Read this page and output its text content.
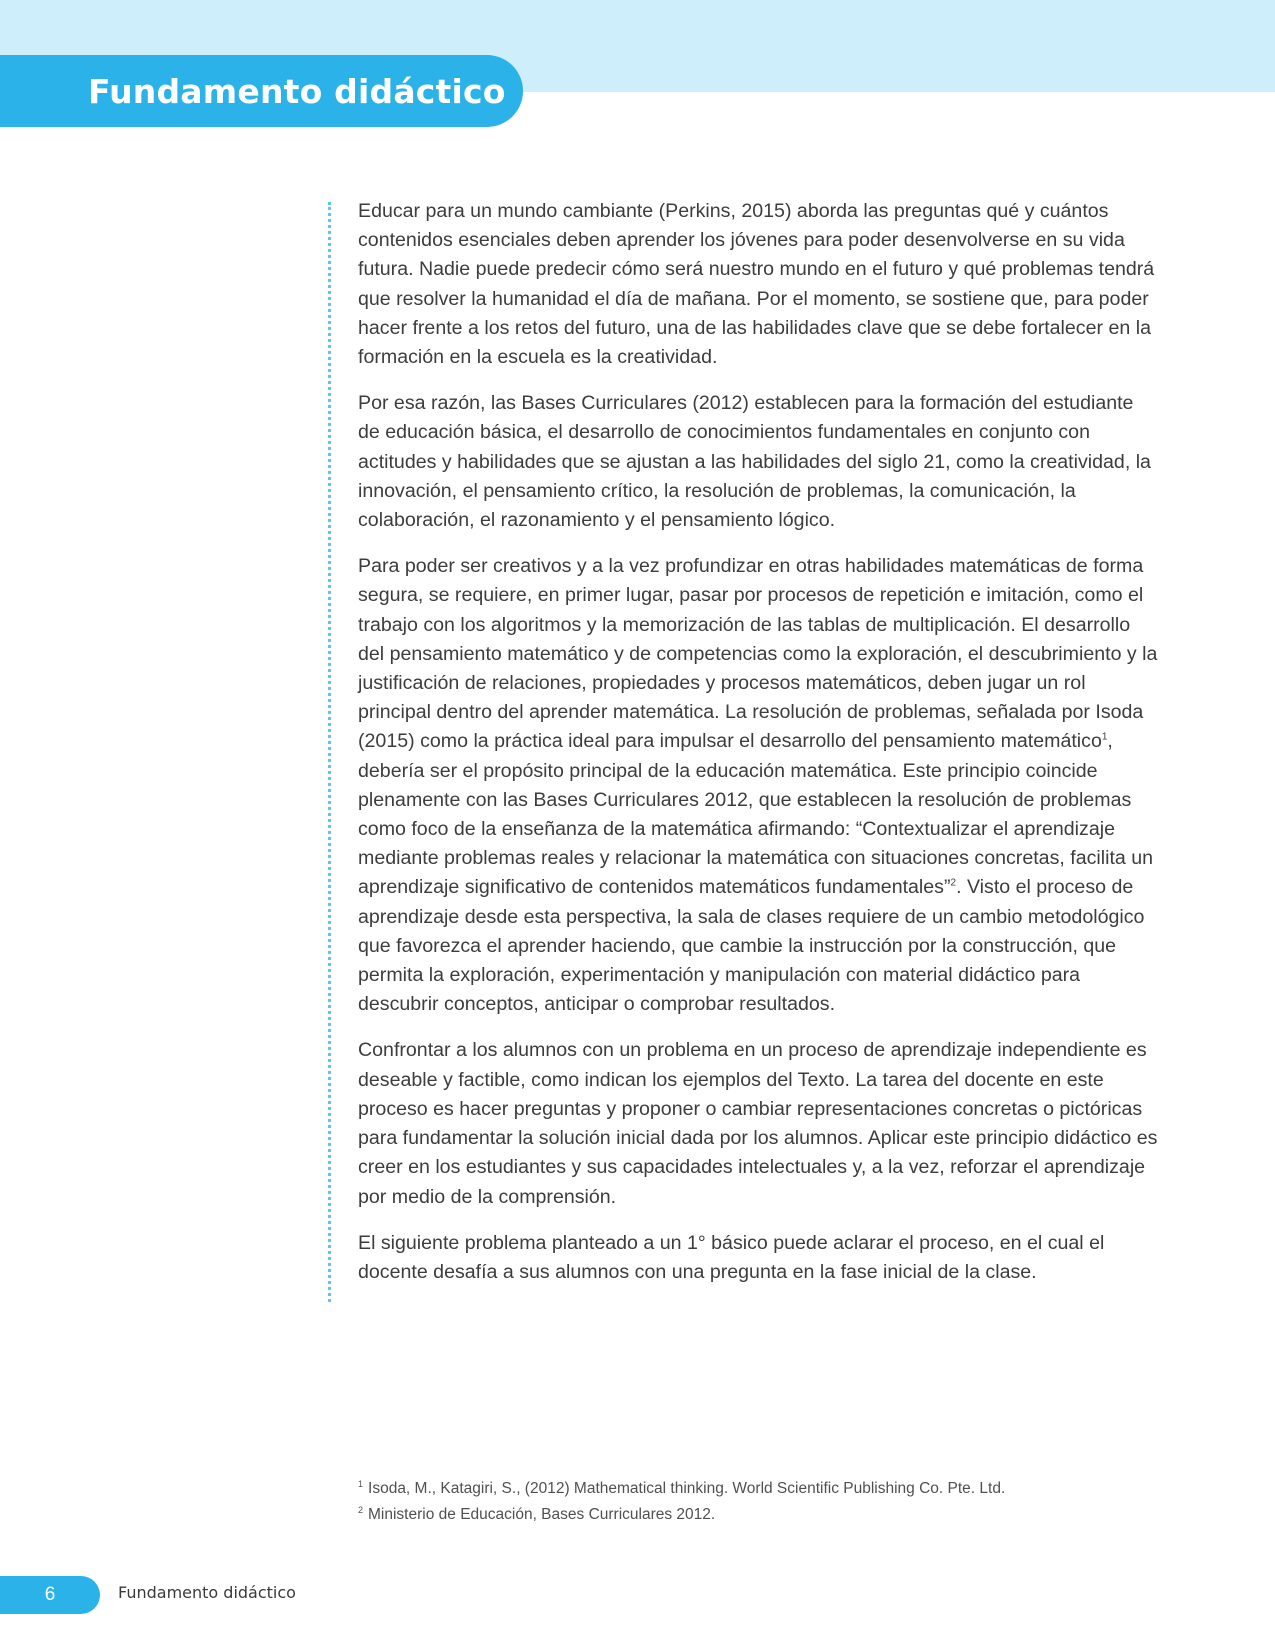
Fundamento didáctico

Educar para un mundo cambiante (Perkins, 2015) aborda las preguntas qué y cuántos contenidos esenciales deben aprender los jóvenes para poder desenvolverse en su vida futura. Nadie puede predecir cómo será nuestro mundo en el futuro y qué problemas tendrá que resolver la humanidad el día de mañana. Por el momento, se sostiene que, para poder hacer frente a los retos del futuro, una de las habilidades clave que se debe fortalecer en la formación en la escuela es la creatividad.

Por esa razón, las Bases Curriculares (2012) establecen para la formación del estudiante de educación básica, el desarrollo de conocimientos fundamentales en conjunto con actitudes y habilidades que se ajustan a las habilidades del siglo 21, como la creatividad, la innovación, el pensamiento crítico, la resolución de problemas, la comunicación, la colaboración, el razonamiento y el pensamiento lógico.

Para poder ser creativos y a la vez profundizar en otras habilidades matemáticas de forma segura, se requiere, en primer lugar, pasar por procesos de repetición e imitación, como el trabajo con los algoritmos y la memorización de las tablas de multiplicación. El desarrollo del pensamiento matemático y de competencias como la exploración, el descubrimiento y la justificación de relaciones, propiedades y procesos matemáticos, deben jugar un rol principal dentro del aprender matemática. La resolución de problemas, señalada por Isoda (2015) como la práctica ideal para impulsar el desarrollo del pensamiento matemático$^1$, debería ser el propósito principal de la educación matemática. Este principio coincide plenamente con las Bases Curriculares 2012, que establecen la resolución de problemas como foco de la enseñanza de la matemática afirmando: “Contextualizar el aprendizaje mediante problemas reales y relacionar la matemática con situaciones concretas, facilita un aprendizaje significativo de contenidos matemáticos fundamentales”$^2$. Visto el proceso de aprendizaje desde esta perspectiva, la sala de clases requiere de un cambio metodológico que favorezca el aprender haciendo, que cambie la instrucción por la construcción, que permita la exploración, experimentación y manipulación con material didáctico para descubrir conceptos, anticipar o comprobar resultados.

Confrontar a los alumnos con un problema en un proceso de aprendizaje independiente es deseable y factible, como indican los ejemplos del Texto. La tarea del docente en este proceso es hacer preguntas y proponer o cambiar representaciones concretas o pictóricas para fundamentar la solución inicial dada por los alumnos. Aplicar este principio didáctico es creer en los estudiantes y sus capacidades intelectuales y, a la vez, reforzar el aprendizaje por medio de la comprensión.

El siguiente problema planteado a un 1° básico puede aclarar el proceso, en el cual el docente desafía a sus alumnos con una pregunta en la fase inicial de la clase.

$^1$ Isoda, M., Katagiri, S., (2012) Mathematical thinking. World Scientific Publishing Co. Pte. Ltd.

$^2$ Ministerio de Educación, Bases Curriculares 2012.

6	Fundamento didáctico
